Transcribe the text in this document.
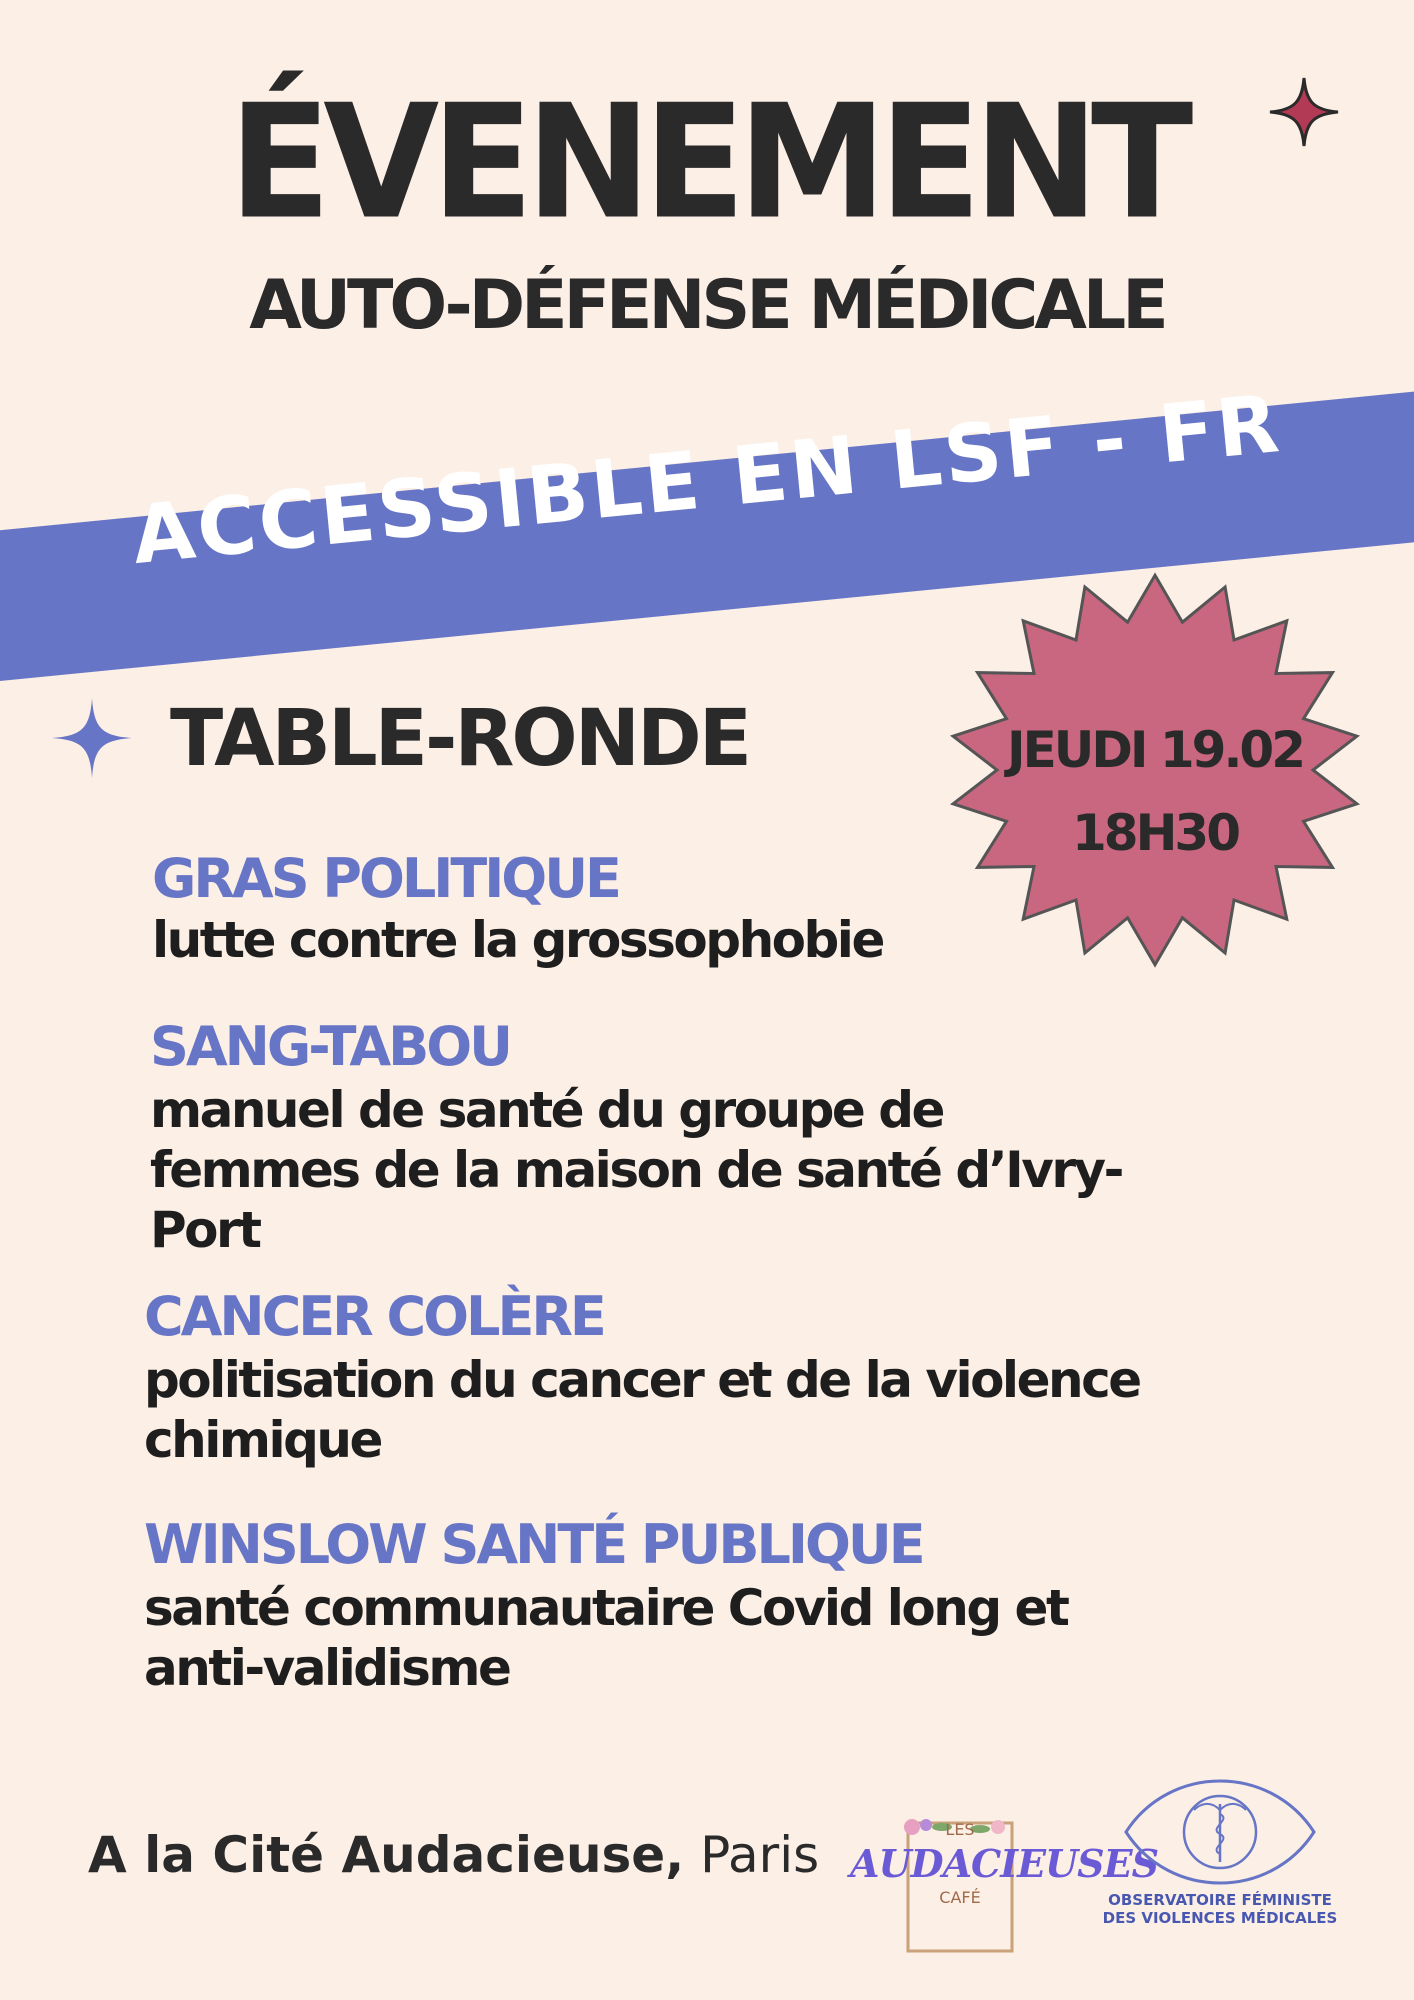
ÉVENEMENT
AUTO-DÉFENSE MÉDICALE
ACCESSIBLE EN LSF - FR
JEUDI 19.02
18H30
TABLE-RONDE
GRAS POLITIQUE
lutte contre la grossophobie
SANG-TABOU
manuel de santé du groupe de
femmes de la maison de santé d’Ivry-
Port
CANCER COLÈRE
politisation du cancer et de la violence
chimique
WINSLOW SANTÉ PUBLIQUE
santé communautaire Covid long et
anti-validisme
A la Cité Audacieuse, Paris	LES
AUDACIEUSES
CAFÉ	OBSERVATOIRE FÉMINISTE
DES VIOLENCES MÉDICALES
